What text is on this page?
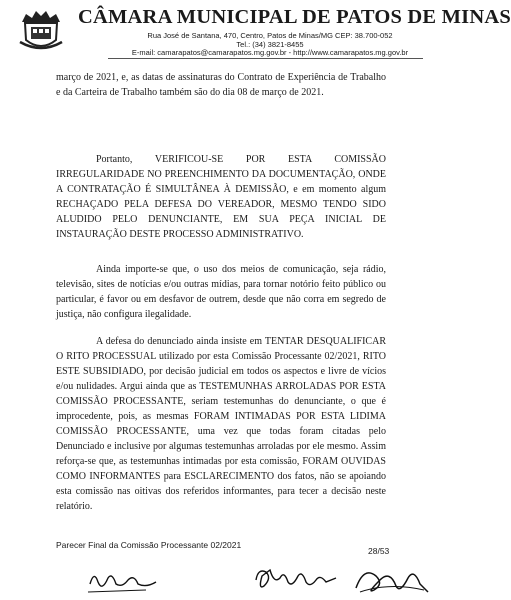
CÂMARA MUNICIPAL DE PATOS DE MINAS
Rua José de Santana, 470, Centro, Patos de Minas/MG CEP: 38.700-052
Tel.: (34) 3821-8455
E-mail: camarapatos@camarapatos.mg.gov.br - http://www.camarapatos.mg.gov.br

março de 2021, e, as datas de assinaturas do Contrato de Experiência de Trabalho e da Carteira de Trabalho também são do dia 08 de março de 2021.

Portanto, VERIFICOU-SE POR ESTA COMISSÃO IRREGULARIDADE NO PREENCHIMENTO DA DOCUMENTAÇÃO, ONDE A CONTRATAÇÃO É SIMULTÂNEA À DEMISSÃO, e em momento algum RECHAÇADO PELA DEFESA DO VEREADOR, MESMO TENDO SIDO ALUDIDO PELO DENUNCIANTE, EM SUA PEÇA INICIAL DE INSTAURAÇÃO DESTE PROCESSO ADMINISTRATIVO.

Ainda importe-se que, o uso dos meios de comunicação, seja rádio, televisão, sites de notícias e/ou outras mídias, para tornar notório feito público ou particular, é favor ou em desfavor de outrem, desde que não corra em segredo de justiça, não configura ilegalidade.

A defesa do denunciado ainda insiste em TENTAR DESQUALIFICAR O RITO PROCESSUAL utilizado por esta Comissão Processante 02/2021, RITO ESTE SUBSIDIADO, por decisão judicial em todos os aspectos e livre de vícios e/ou nulidades. Argui ainda que as TESTEMUNHAS ARROLADAS POR ESTA COMISSÃO PROCESSANTE, seriam testemunhas do denunciante, o que é improcedente, pois, as mesmas FORAM INTIMADAS POR ESTA LIDIMA COMISSÃO PROCESSANTE, uma vez que todas foram citadas pelo Denunciado e inclusive por algumas testemunhas arroladas por ele mesmo. Assim reforça-se que, as testemunhas intimadas por esta comissão, FORAM OUVIDAS COMO INFORMANTES para ESCLARECIMENTO dos fatos, não se apoiando esta comissão nas oitivas dos referidos informantes, para tecer a decisão neste relatório.

Parecer Final da Comissão Processante 02/2021
28/53
